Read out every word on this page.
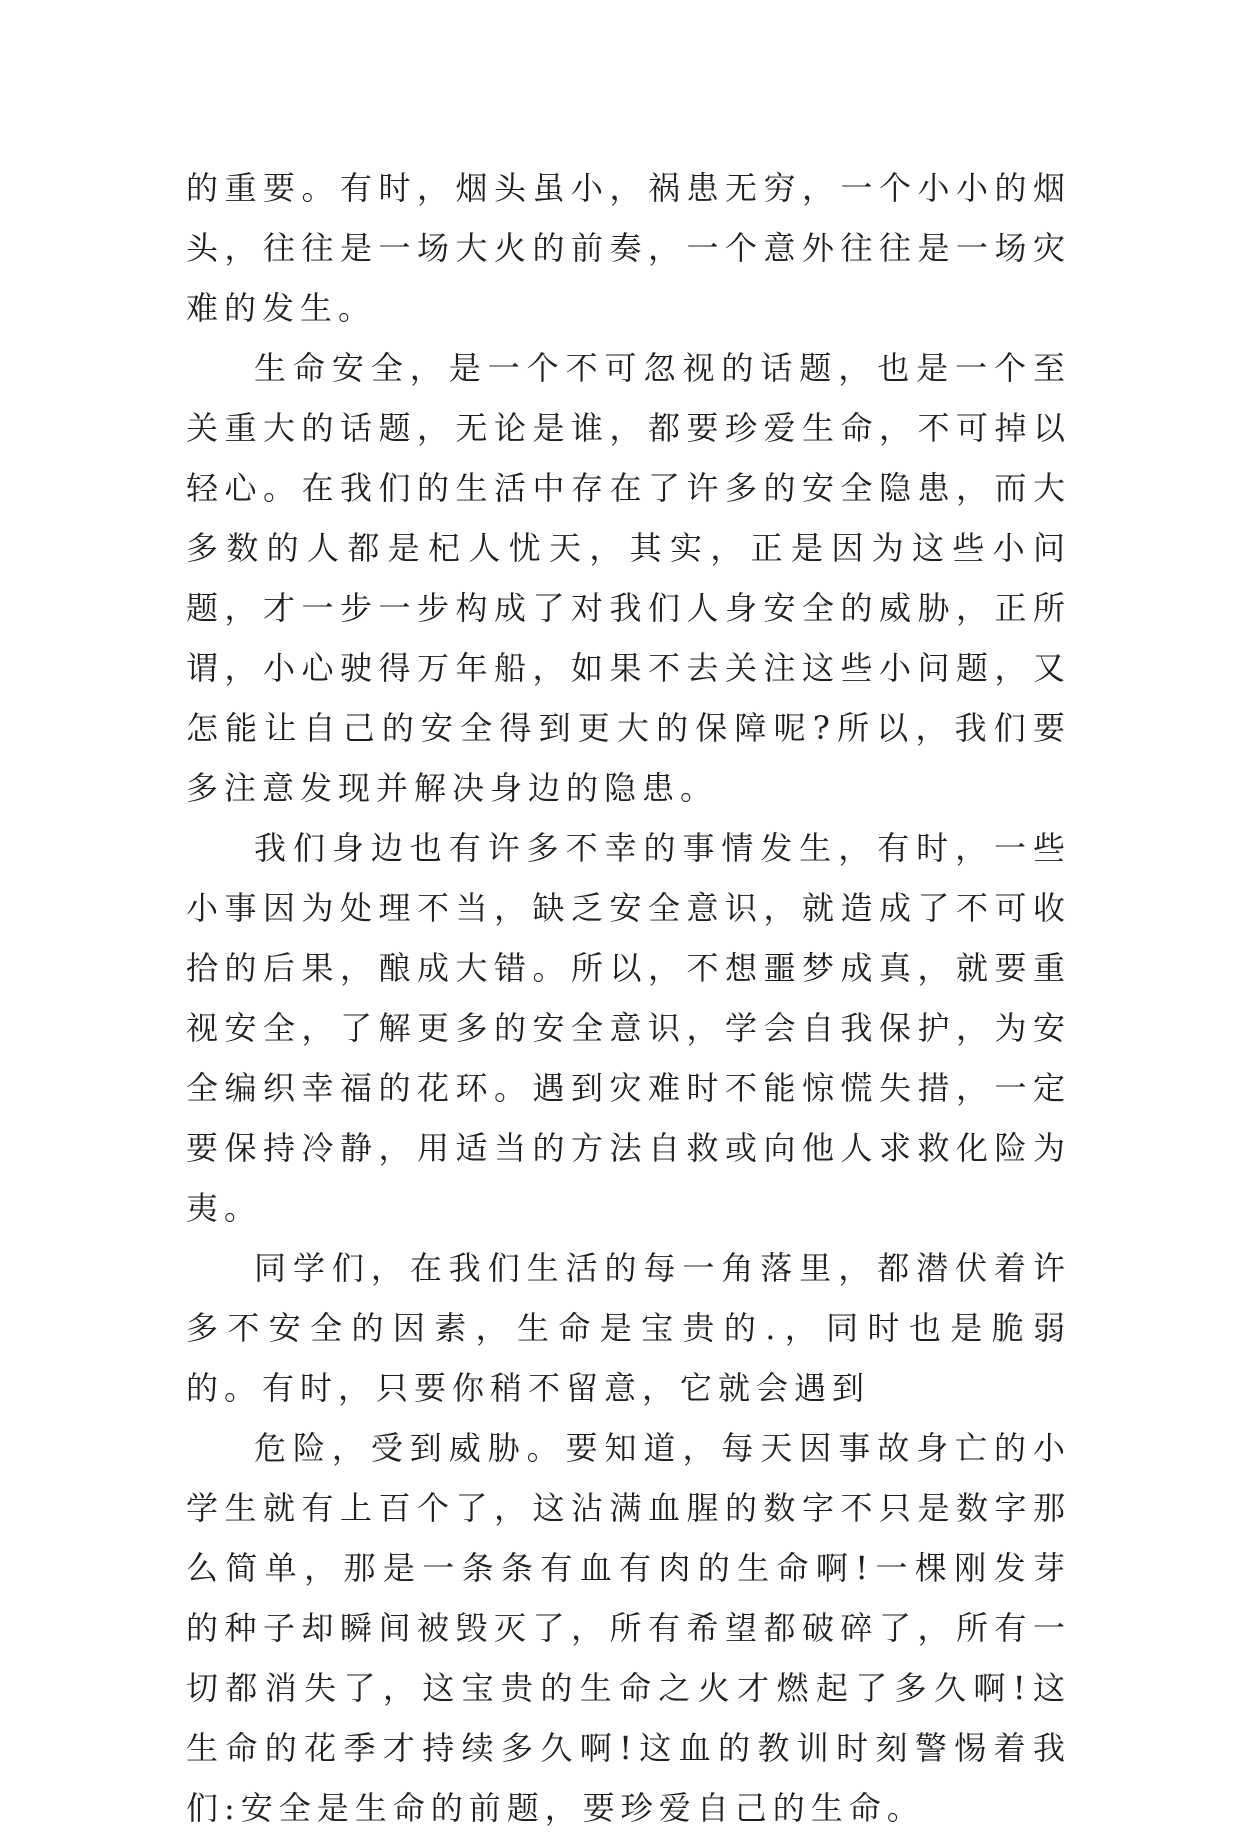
的重要。有时，烟头虽小，祸患无穷，一个小小的烟头，往往是一场大火的前奏，一个意外往往是一场灾难的发生。

生命安全，是一个不可忽视的话题，也是一个至关重大的话题，无论是谁，都要珍爱生命，不可掉以轻心。在我们的生活中存在了许多的安全隐患，而大多数的人都是杞人忧天，其实，正是因为这些小问题，才一步一步构成了对我们人身安全的威胁，正所谓，小心驶得万年船，如果不去关注这些小问题，又怎能让自己的安全得到更大的保障呢?所以，我们要多注意发现并解决身边的隐患。

我们身边也有许多不幸的事情发生，有时，一些小事因为处理不当，缺乏安全意识，就造成了不可收拾的后果，酿成大错。所以，不想噩梦成真，就要重视安全，了解更多的安全意识，学会自我保护，为安全编织幸福的花环。遇到灾难时不能惊慌失措，一定要保持冷静，用适当的方法自救或向他人求救化险为夷。

同学们，在我们生活的每一角落里，都潜伏着许多不安全的因素，生命是宝贵的.，同时也是脆弱的。有时，只要你稍不留意，它就会遇到

危险，受到威胁。要知道，每天因事故身亡的小学生就有上百个了，这沾满血腥的数字不只是数字那么简单，那是一条条有血有肉的生命啊!一棵刚发芽的种子却瞬间被毁灭了，所有希望都破碎了，所有一切都消失了，这宝贵的生命之火才燃起了多久啊!这生命的花季才持续多久啊!这血的教训时刻警惕着我们:安全是生命的前题，要珍爱自己的生命。
